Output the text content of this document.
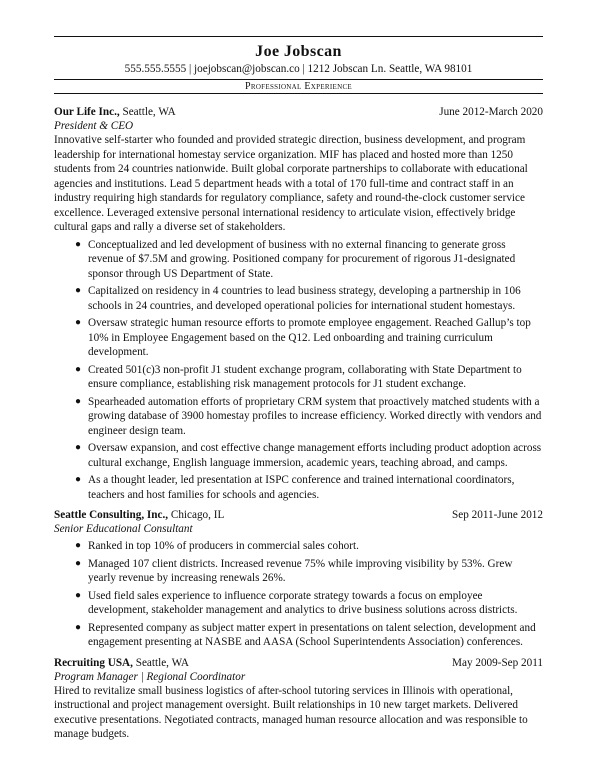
Joe Jobscan
555.555.5555 | joejobscan@jobscan.co | 1212 Jobscan Ln. Seattle, WA 98101
Professional Experience
Our Life Inc., Seattle, WA	June 2012-March 2020
President & CEO

Innovative self-starter who founded and provided strategic direction, business development, and program leadership for international homestay service organization. MIF has placed and hosted more than 1250 students from 24 countries nationwide. Built global corporate partnerships to collaborate with educational agencies and institutions. Lead 5 department heads with a total of 170 full-time and contract staff in an industry requiring high standards for regulatory compliance, safety and round-the-clock customer service excellence. Leveraged extensive personal international residency to articulate vision, effectively bridge cultural gaps and rally a diverse set of stakeholders.

● Conceptualized and led development of business with no external financing to generate gross revenue of $7.5M and growing. Positioned company for procurement of rigorous J1-designated sponsor through US Department of State.
● Capitalized on residency in 4 countries to lead business strategy, developing a partnership in 106 schools in 24 countries, and developed operational policies for international student homestays.
● Oversaw strategic human resource efforts to promote employee engagement. Reached Gallup’s top 10% in Employee Engagement based on the Q12. Led onboarding and training curriculum development.
● Created 501(c)3 non-profit J1 student exchange program, collaborating with State Department to ensure compliance, establishing risk management protocols for J1 student exchange.
● Spearheaded automation efforts of proprietary CRM system that proactively matched students with a growing database of 3900 homestay profiles to increase efficiency. Worked directly with vendors and engineer design team.
● Oversaw expansion, and cost effective change management efforts including product adoption across cultural exchange, English language immersion, academic years, teaching abroad, and camps.
● As a thought leader, led presentation at ISPC conference and trained international coordinators, teachers and host families for schools and agencies.
Seattle Consulting, Inc., Chicago, IL	Sep 2011-June 2012
Senior Educational Consultant
● Ranked in top 10% of producers in commercial sales cohort.
● Managed 107 client districts. Increased revenue 75% while improving visibility by 53%. Grew yearly revenue by increasing renewals 26%.
● Used field sales experience to influence corporate strategy towards a focus on employee development, stakeholder management and analytics to drive business solutions across districts.
● Represented company as subject matter expert in presentations on talent selection, development and engagement presenting at NASBE and AASA (School Superintendents Association) conferences.
Recruiting USA, Seattle, WA	May 2009-Sep 2011
Program Manager | Regional Coordinator

Hired to revitalize small business logistics of after-school tutoring services in Illinois with operational, instructional and project management oversight. Built relationships in 10 new target markets. Delivered executive presentations. Negotiated contracts, managed human resource allocation and was responsible to manage budgets.
